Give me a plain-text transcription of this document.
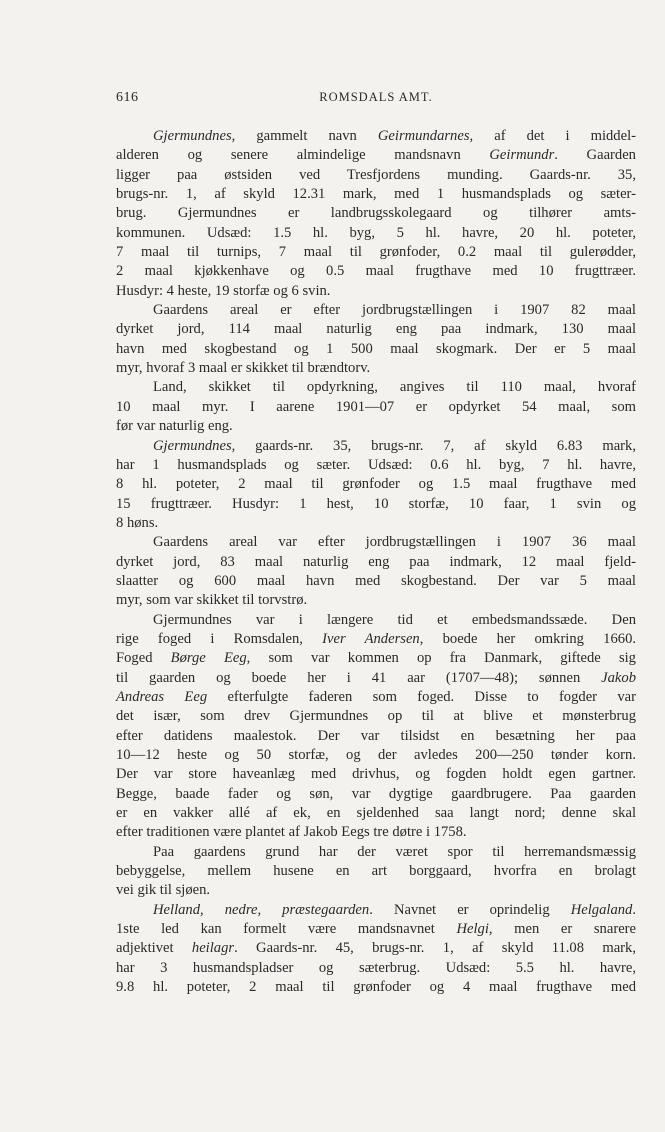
616	ROMSDALS AMT.
Gjermundnes, gammelt navn Geirmundarnes, af det i middel-
alderen og senere almindelige mandsnavn Geirmundr. Gaarden
ligger paa østsiden ved Tresfjordens munding. Gaards-nr. 35,
brugs-nr. 1, af skyld 12.31 mark, med 1 husmandsplads og sæter-
brug. Gjermundnes er landbrugsskolegaard og tilhører amts-
kommunen. Udsæd: 1.5 hl. byg, 5 hl. havre, 20 hl. poteter,
7 maal til turnips, 7 maal til grønfoder, 0.2 maal til gulerødder,
2 maal kjøkkenhave og 0.5 maal frugthave med 10 frugttræer.
Husdyr: 4 heste, 19 storfæ og 6 svin.
Gaardens areal er efter jordbrugstællingen i 1907 82 maal
dyrket jord, 114 maal naturlig eng paa indmark, 130 maal
havn med skogbestand og 1 500 maal skogmark. Der er 5 maal
myr, hvoraf 3 maal er skikket til brændtorv.
Land, skikket til opdyrkning, angives til 110 maal, hvoraf
10 maal myr. I aarene 1901—07 er opdyrket 54 maal, som
før var naturlig eng.
Gjermundnes, gaards-nr. 35, brugs-nr. 7, af skyld 6.83 mark,
har 1 husmandsplads og sæter. Udsæd: 0.6 hl. byg, 7 hl. havre,
8 hl. poteter, 2 maal til grønfoder og 1.5 maal frugthave med
15 frugttræer. Husdyr: 1 hest, 10 storfæ, 10 faar, 1 svin og
8 høns.
Gaardens areal var efter jordbrugstællingen i 1907 36 maal
dyrket jord, 83 maal naturlig eng paa indmark, 12 maal fjeld-
slaatter og 600 maal havn med skogbestand. Der var 5 maal
myr, som var skikket til torvstrø.
Gjermundnes var i længere tid et embedsmandssæde. Den
rige foged i Romsdalen, Iver Andersen, boede her omkring 1660.
Foged Børge Eeg, som var kommen op fra Danmark, giftede sig
til gaarden og boede her i 41 aar (1707—48); sønnen Jakob
Andreas Eeg efterfulgte faderen som foged. Disse to fogder var
det især, som drev Gjermundnes op til at blive et mønsterbrug
efter datidens maalestok. Der var tilsidst en besætning her paa
10—12 heste og 50 storfæ, og der avledes 200—250 tønder korn.
Der var store haveanlæg med drivhus, og fogden holdt egen gartner.
Begge, baade fader og søn, var dygtige gaardbrugere. Paa gaarden
er en vakker allé af ek, en sjeldenhed saa langt nord; denne skal
efter traditionen være plantet af Jakob Eegs tre døtre i 1758.
Paa gaardens grund har der været spor til herremandsmæssig
bebyggelse, mellem husene en art borggaard, hvorfra en brolagt
vei gik til sjøen.
Helland, nedre, præstegaarden. Navnet er oprindelig Helgaland.
1ste led kan formelt være mandsnavnet Helgi, men er snarere
adjektivet heilagr. Gaards-nr. 45, brugs-nr. 1, af skyld 11.08 mark,
har 3 husmandspladser og sæterbrug. Udsæd: 5.5 hl. havre,
9.8 hl. poteter, 2 maal til grønfoder og 4 maal frugthave med
